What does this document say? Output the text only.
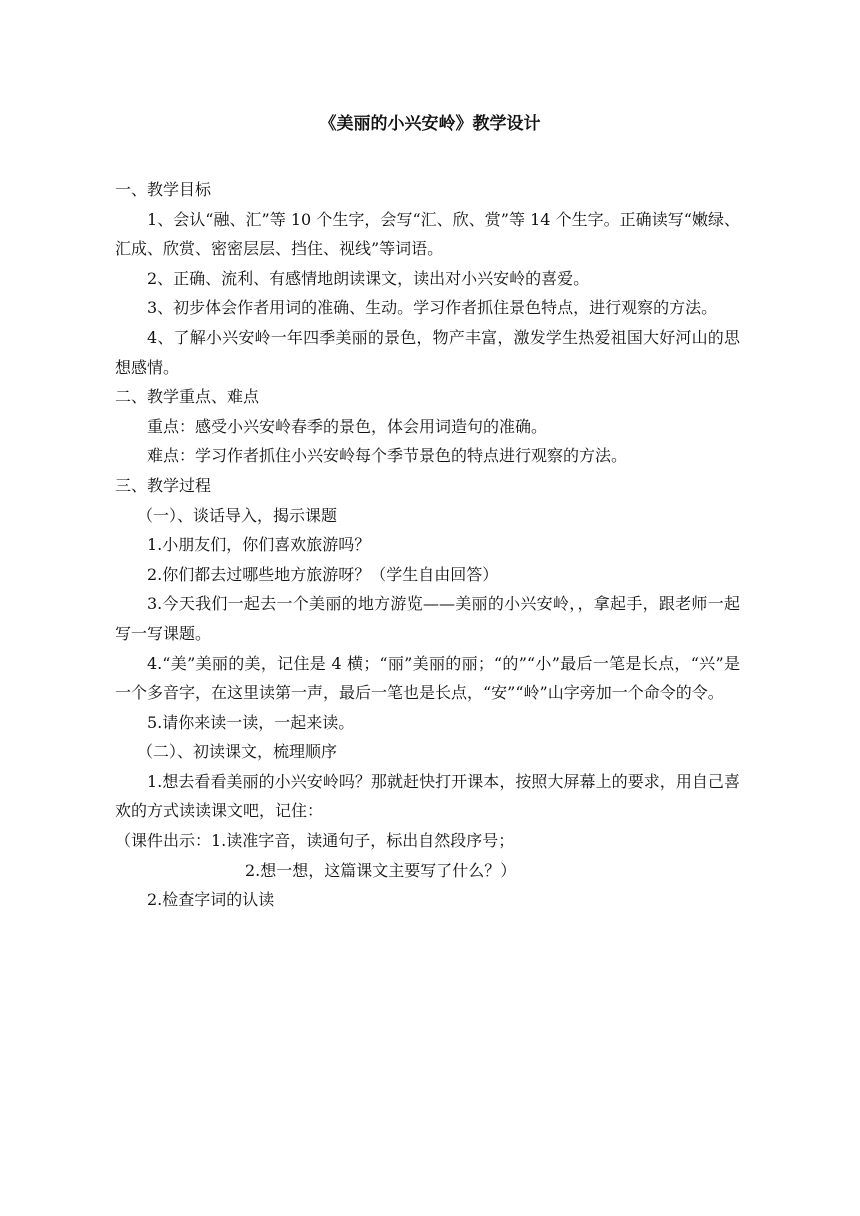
《美丽的小兴安岭》教学设计

一、教学目标

1、会认“融、汇”等 10 个生字，会写“汇、欣、赏”等 14 个生字。正确读写“嫩绿、汇成、欣赏、密密层层、挡住、视线”等词语。

2、正确、流利、有感情地朗读课文，读出对小兴安岭的喜爱。

3、初步体会作者用词的准确、生动。学习作者抓住景色特点，进行观察的方法。

4、了解小兴安岭一年四季美丽的景色，物产丰富，激发学生热爱祖国大好河山的思想感情。

二、教学重点、难点

重点：感受小兴安岭春季的景色，体会用词造句的准确。

难点：学习作者抓住小兴安岭每个季节景色的特点进行观察的方法。

三、教学过程

（一）、谈话导入，揭示课题

1.小朋友们，你们喜欢旅游吗？

2.你们都去过哪些地方旅游呀？（学生自由回答）

3.今天我们一起去一个美丽的地方游览——美丽的小兴安岭，，拿起手，跟老师一起写一写课题。

4.“美”美丽的美，记住是 4 横；“丽”美丽的丽；“的”“小”最后一笔是长点，“兴”是一个多音字，在这里读第一声，最后一笔也是长点，“安”“岭”山字旁加一个命令的令。

5.请你来读一读，一起来读。

（二）、初读课文，梳理顺序

1.想去看看美丽的小兴安岭吗？那就赶快打开课本，按照大屏幕上的要求，用自己喜欢的方式读读课文吧，记住：

（课件出示：1.读准字音，读通句子，标出自然段序号；

2.想一想，这篇课文主要写了什么？）

2.检查字词的认读
